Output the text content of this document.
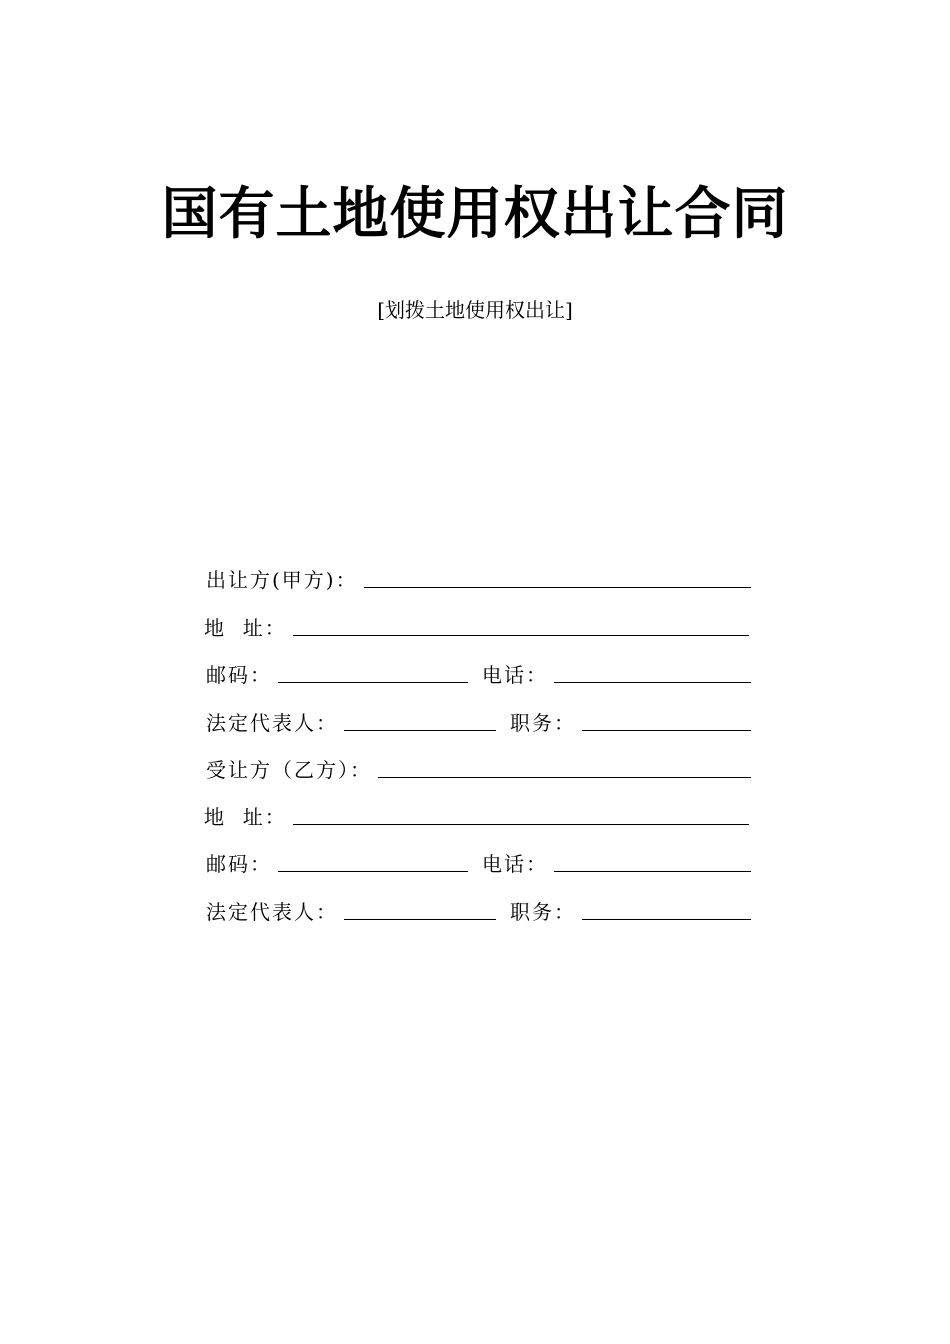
国有土地使用权出让合同
[划拨土地使用权出让]
出让方(甲方)：
地  址：
邮码：	电话：
法定代表人：	职务：
受让方（乙方）：
地  址：
邮码：	电话：
法定代表人：	职务：
